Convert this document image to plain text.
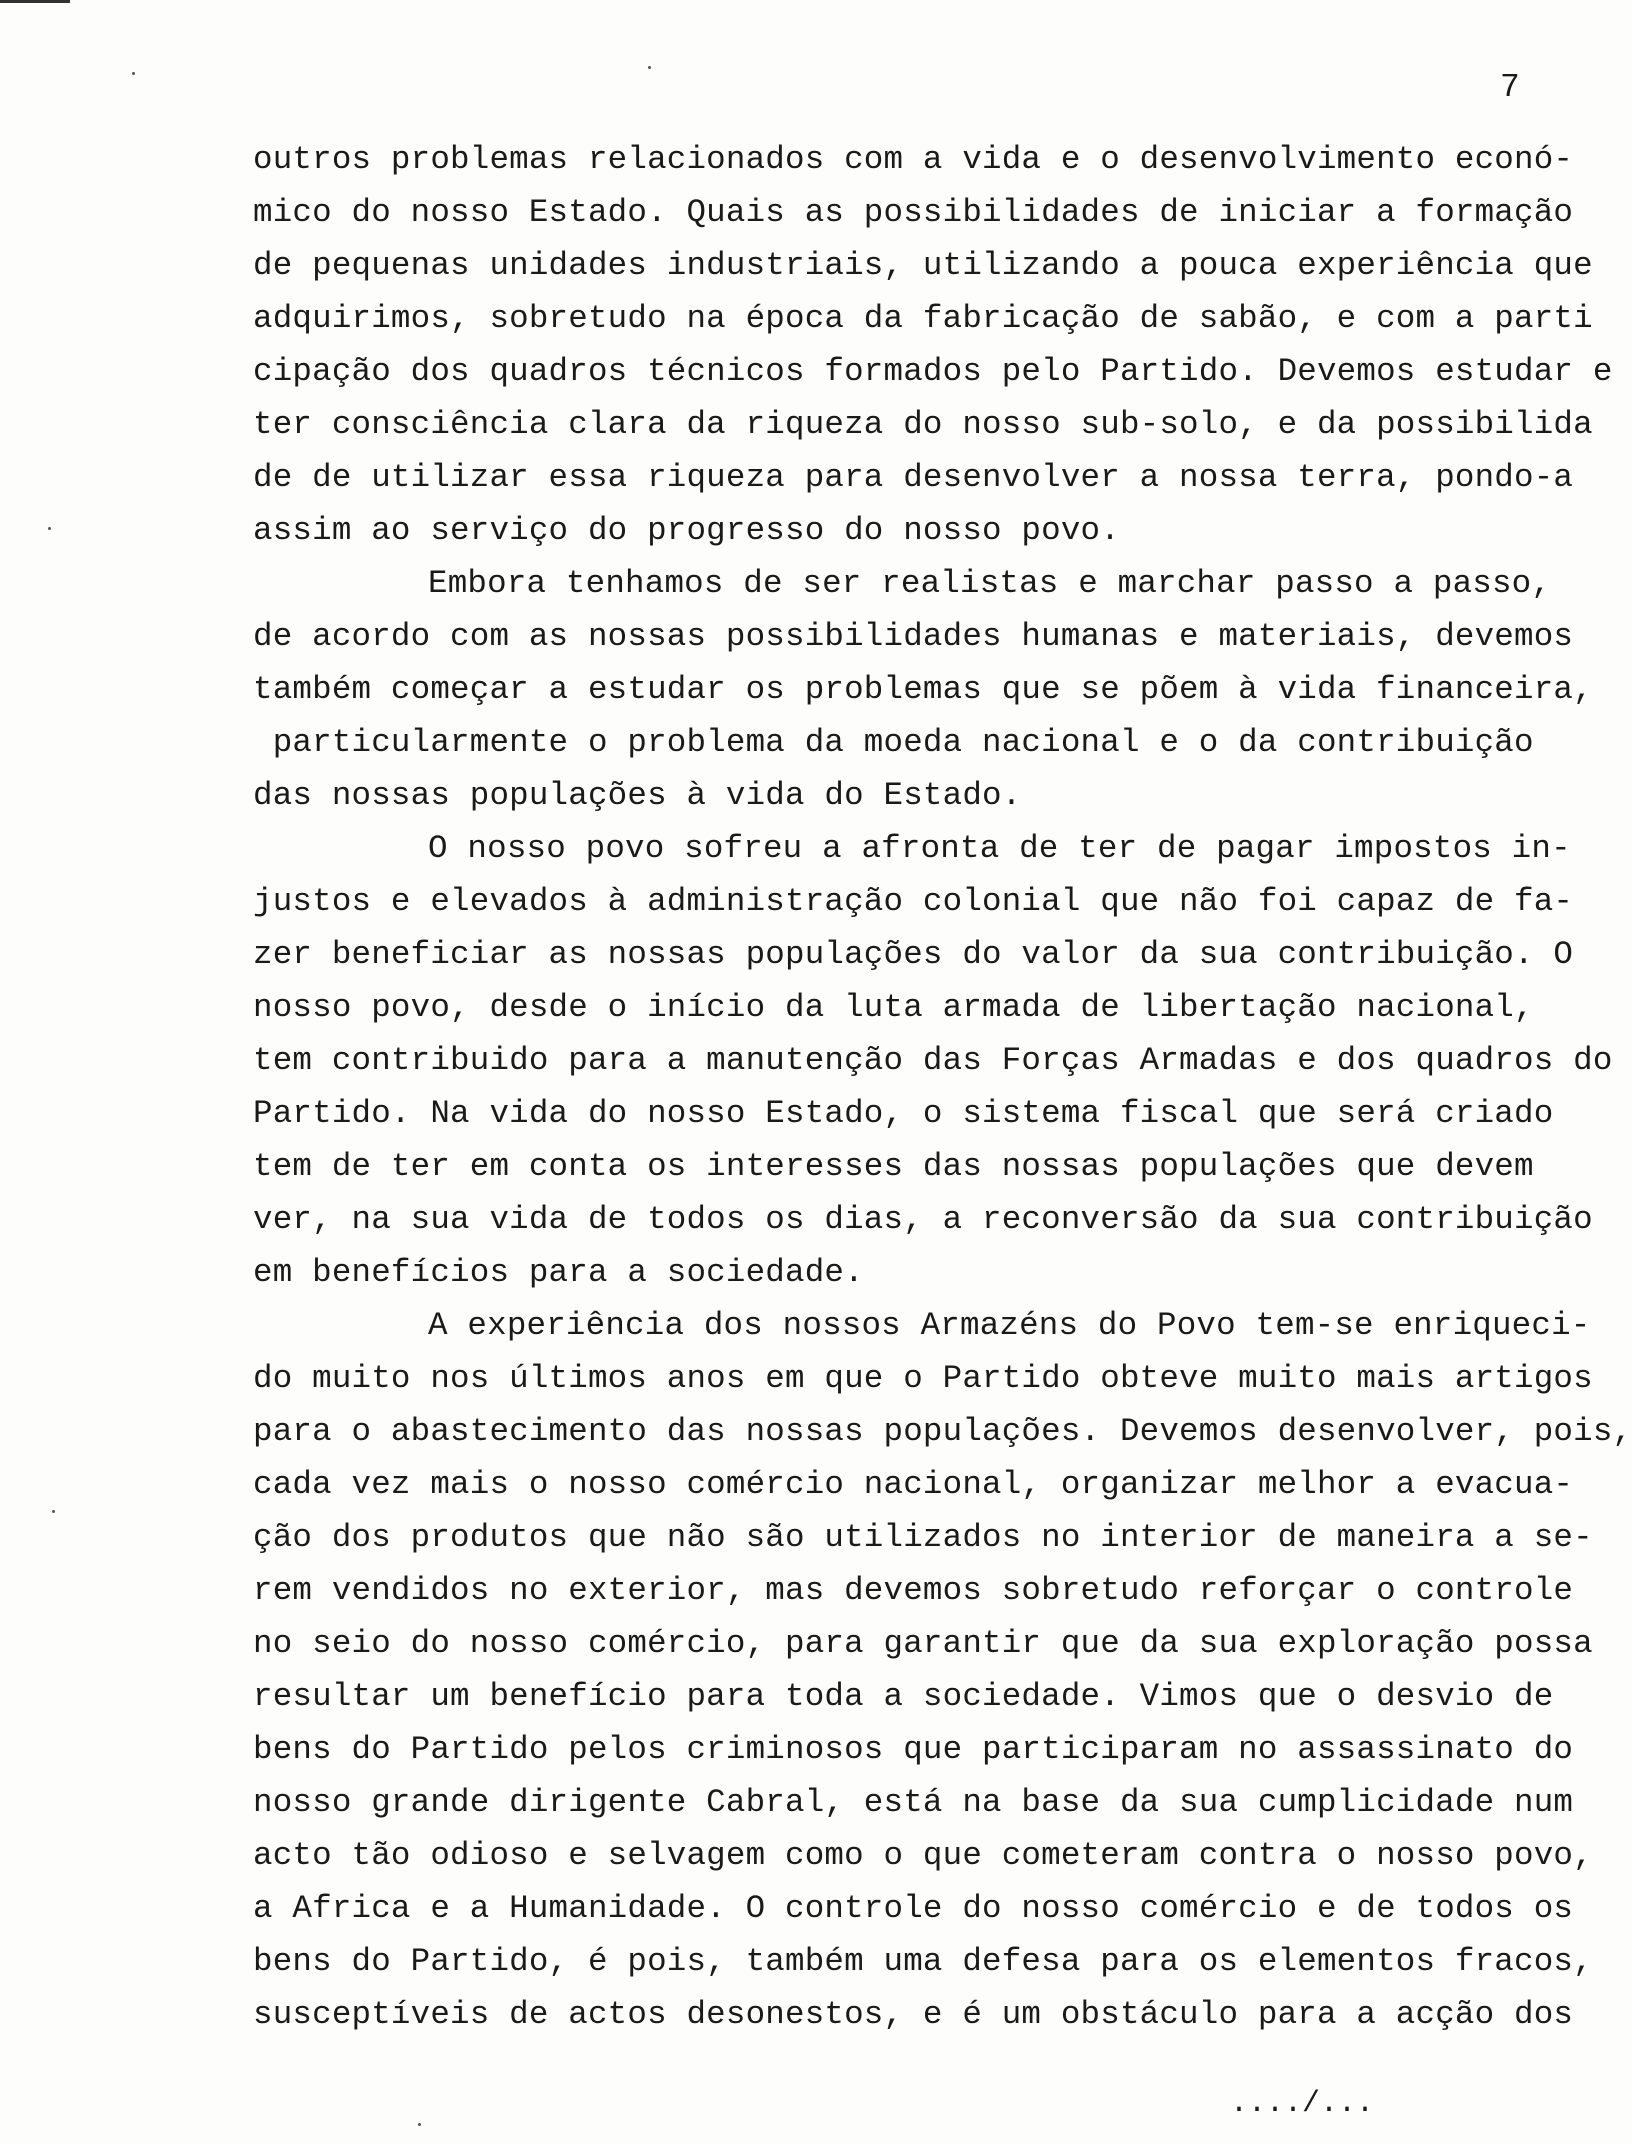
7
outros problemas relacionados com a vida e o desenvolvimento econó-
mico do nosso Estado. Quais as possibilidades de iniciar a formação
de pequenas unidades industriais, utilizando a pouca experiência que
adquirimos, sobretudo na época da fabricação de sabão, e com a parti
cipação dos quadros técnicos formados pelo Partido. Devemos estudar e
ter consciência clara da riqueza do nosso sub-solo, e da possibilida
de de utilizar essa riqueza para desenvolver a nossa terra, pondo-a
assim ao serviço do progresso do nosso povo.
Embora tenhamos de ser realistas e marchar passo a passo,
de acordo com as nossas possibilidades humanas e materiais, devemos
também começar a estudar os problemas que se põem à vida financeira,
particularmente o problema da moeda nacional e o da contribuição
das nossas populações à vida do Estado.
O nosso povo sofreu a afronta de ter de pagar impostos in-
justos e elevados à administração colonial que não foi capaz de fa-
zer beneficiar as nossas populações do valor da sua contribuição. O
nosso povo, desde o início da luta armada de libertação nacional,
tem contribuido para a manutenção das Forças Armadas e dos quadros do
Partido. Na vida do nosso Estado, o sistema fiscal que será criado
tem de ter em conta os interesses das nossas populações que devem
ver, na sua vida de todos os dias, a reconversão da sua contribuição
em benefícios para a sociedade.
A experiência dos nossos Armazéns do Povo tem-se enriqueci-
do muito nos últimos anos em que o Partido obteve muito mais artigos
para o abastecimento das nossas populações. Devemos desenvolver, pois,
cada vez mais o nosso comércio nacional, organizar melhor a evacua-
ção dos produtos que não são utilizados no interior de maneira a se-
rem vendidos no exterior, mas devemos sobretudo reforçar o controle
no seio do nosso comércio, para garantir que da sua exploração possa
resultar um benefício para toda a sociedade. Vimos que o desvio de
bens do Partido pelos criminosos que participaram no assassinato do
nosso grande dirigente Cabral, está na base da sua cumplicidade num
acto tão odioso e selvagem como o que cometeram contra o nosso povo,
a Africa e a Humanidade. O controle do nosso comércio e de todos os
bens do Partido, é pois, também uma defesa para os elementos fracos,
susceptíveis de actos desonestos, e é um obstáculo para a acção dos
..../...
